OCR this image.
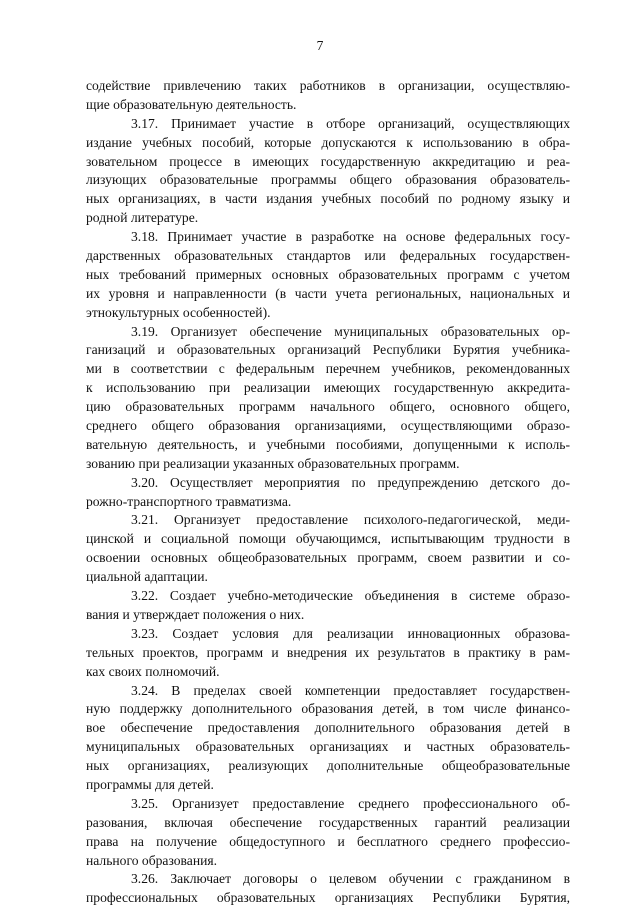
7
содействие привлечению таких работников в организации, осуществляю-
щие образовательную деятельность.
3.17. Принимает участие в отборе организаций, осуществляющих
издание учебных пособий, которые допускаются к использованию в обра-
зовательном процессе в имеющих государственную аккредитацию и реа-
лизующих образовательные программы общего образования образователь-
ных организациях, в части издания учебных пособий по родному языку и
родной литературе.
3.18. Принимает участие в разработке на основе федеральных госу-
дарственных образовательных стандартов или федеральных государствен-
ных требований примерных основных образовательных программ с учетом
их уровня и направленности (в части учета региональных, национальных и
этнокультурных особенностей).
3.19. Организует обеспечение муниципальных образовательных ор-
ганизаций и образовательных организаций Республики Бурятия учебника-
ми в соответствии с федеральным перечнем учебников, рекомендованных
к использованию при реализации имеющих государственную аккредита-
цию образовательных программ начального общего, основного общего,
среднего общего образования организациями, осуществляющими образо-
вательную деятельность, и учебными пособиями, допущенными к исполь-
зованию при реализации указанных образовательных программ.
3.20. Осуществляет мероприятия по предупреждению детского до-
рожно-транспортного травматизма.
3.21. Организует предоставление психолого-педагогической, меди-
цинской и социальной помощи обучающимся, испытывающим трудности в
освоении основных общеобразовательных программ, своем развитии и со-
циальной адаптации.
3.22. Создает учебно-методические объединения в системе образо-
вания и утверждает положения о них.
3.23. Создает условия для реализации инновационных образова-
тельных проектов, программ и внедрения их результатов в практику в рам-
ках своих полномочий.
3.24. В пределах своей компетенции предоставляет государствен-
ную поддержку дополнительного образования детей, в том числе финансо-
вое обеспечение предоставления дополнительного образования детей в
муниципальных образовательных организациях и частных образователь-
ных организациях, реализующих дополнительные общеобразовательные
программы для детей.
3.25. Организует предоставление среднего профессионального об-
разования, включая обеспечение государственных гарантий реализации
права на получение общедоступного и бесплатного среднего профессио-
нального образования.
3.26. Заключает договоры о целевом обучении с гражданином в
профессиональных образовательных организациях Республики Бурятия,
